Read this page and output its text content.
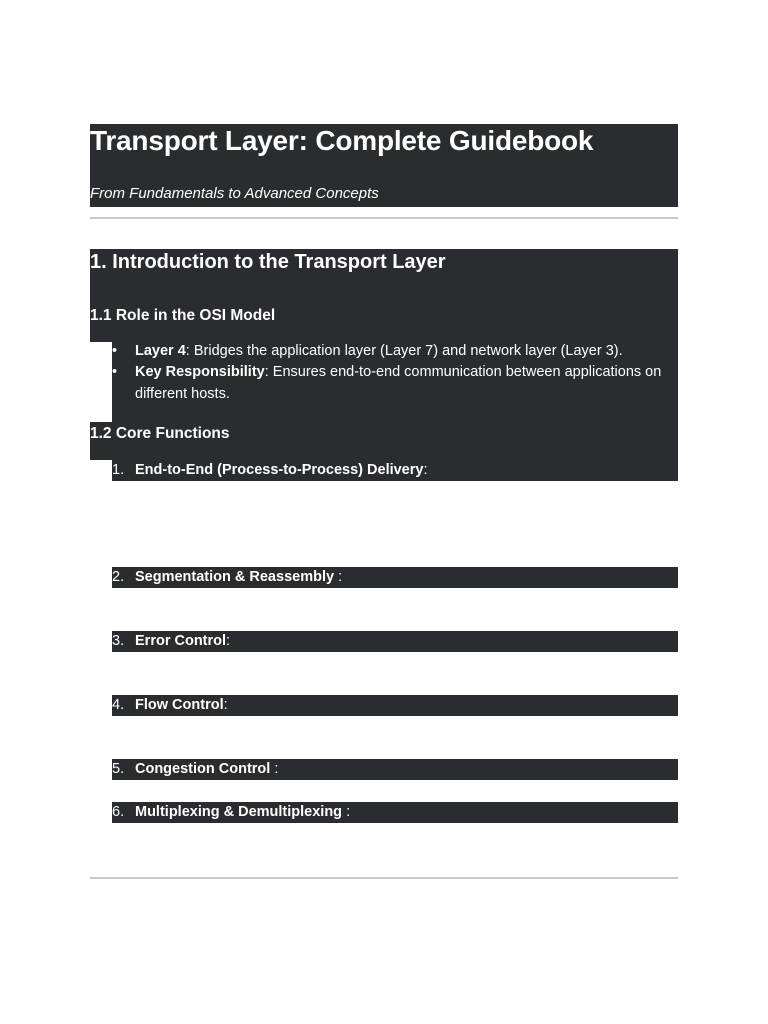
Transport Layer: Complete Guidebook
From Fundamentals to Advanced Concepts
1. Introduction to the Transport Layer
1.1 Role in the OSI Model
• Layer 4: Bridges the application layer (Layer 7) and network layer (Layer 3).
• Key Responsibility: Ensures end-to-end communication between applications on
different hosts.
1.2 Core Functions
1. End-to-End (Process-to-Process) Delivery:
Uses port numbers to identify applications (e.g., HTTP: port 80, SMTP:
port 25).
Example: A web browser (port 50001) communicates with a server (port
80).
2. Segmentation & Reassembly :
Breaks data from the application layer into segments (TCP) or datagrams
(UDP).
3. Error Control:
Uses checksums (TCP/UDP) and CRC (Data Link Layer) to detect corrupt
errors.
4. Flow Control:
Manages data flow to prevent receiver overload (e.g., sliding window
protocol).
5. Congestion Control :
Prevents network overload (e.g., AIMD in TCP).
6. Multiplexing & Demultiplexing :
Combines data from multiple apps into one stream (multiplexing) and
separates it at the receiver (demultiplexing).
